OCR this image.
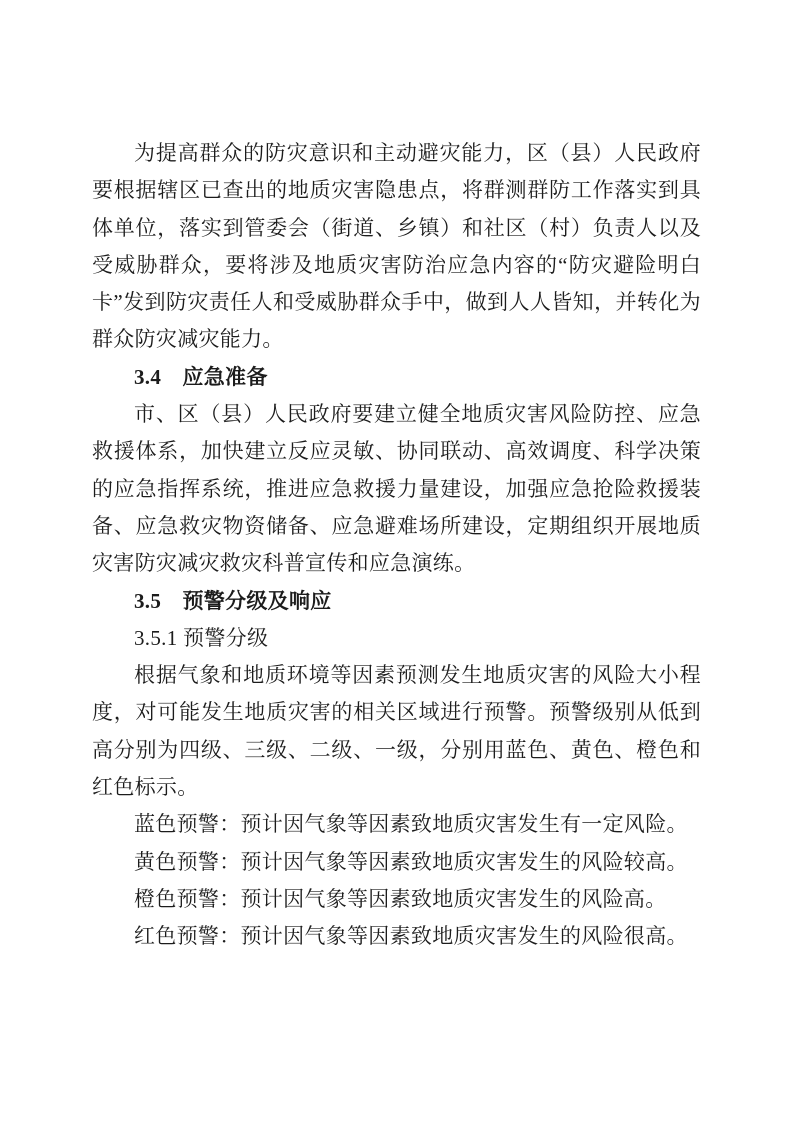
为提高群众的防灾意识和主动避灾能力，区（县）人民政府要根据辖区已查出的地质灾害隐患点，将群测群防工作落实到具体单位，落实到管委会（街道、乡镇）和社区（村）负责人以及受威胁群众，要将涉及地质灾害防治应急内容的“防灾避险明白卡”发到防灾责任人和受威胁群众手中，做到人人皆知，并转化为群众防灾减灾能力。

3.4　应急准备

市、区（县）人民政府要建立健全地质灾害风险防控、应急救援体系，加快建立反应灵敏、协同联动、高效调度、科学决策的应急指挥系统，推进应急救援力量建设，加强应急抢险救援装备、应急救灾物资储备、应急避难场所建设，定期组织开展地质灾害防灾减灾救灾科普宣传和应急演练。

3.5　预警分级及响应

3.5.1 预警分级

根据气象和地质环境等因素预测发生地质灾害的风险大小程度，对可能发生地质灾害的相关区域进行预警。预警级别从低到高分别为四级、三级、二级、一级，分别用蓝色、黄色、橙色和红色标示。

蓝色预警：预计因气象等因素致地质灾害发生有一定风险。

黄色预警：预计因气象等因素致地质灾害发生的风险较高。

橙色预警：预计因气象等因素致地质灾害发生的风险高。

红色预警：预计因气象等因素致地质灾害发生的风险很高。
